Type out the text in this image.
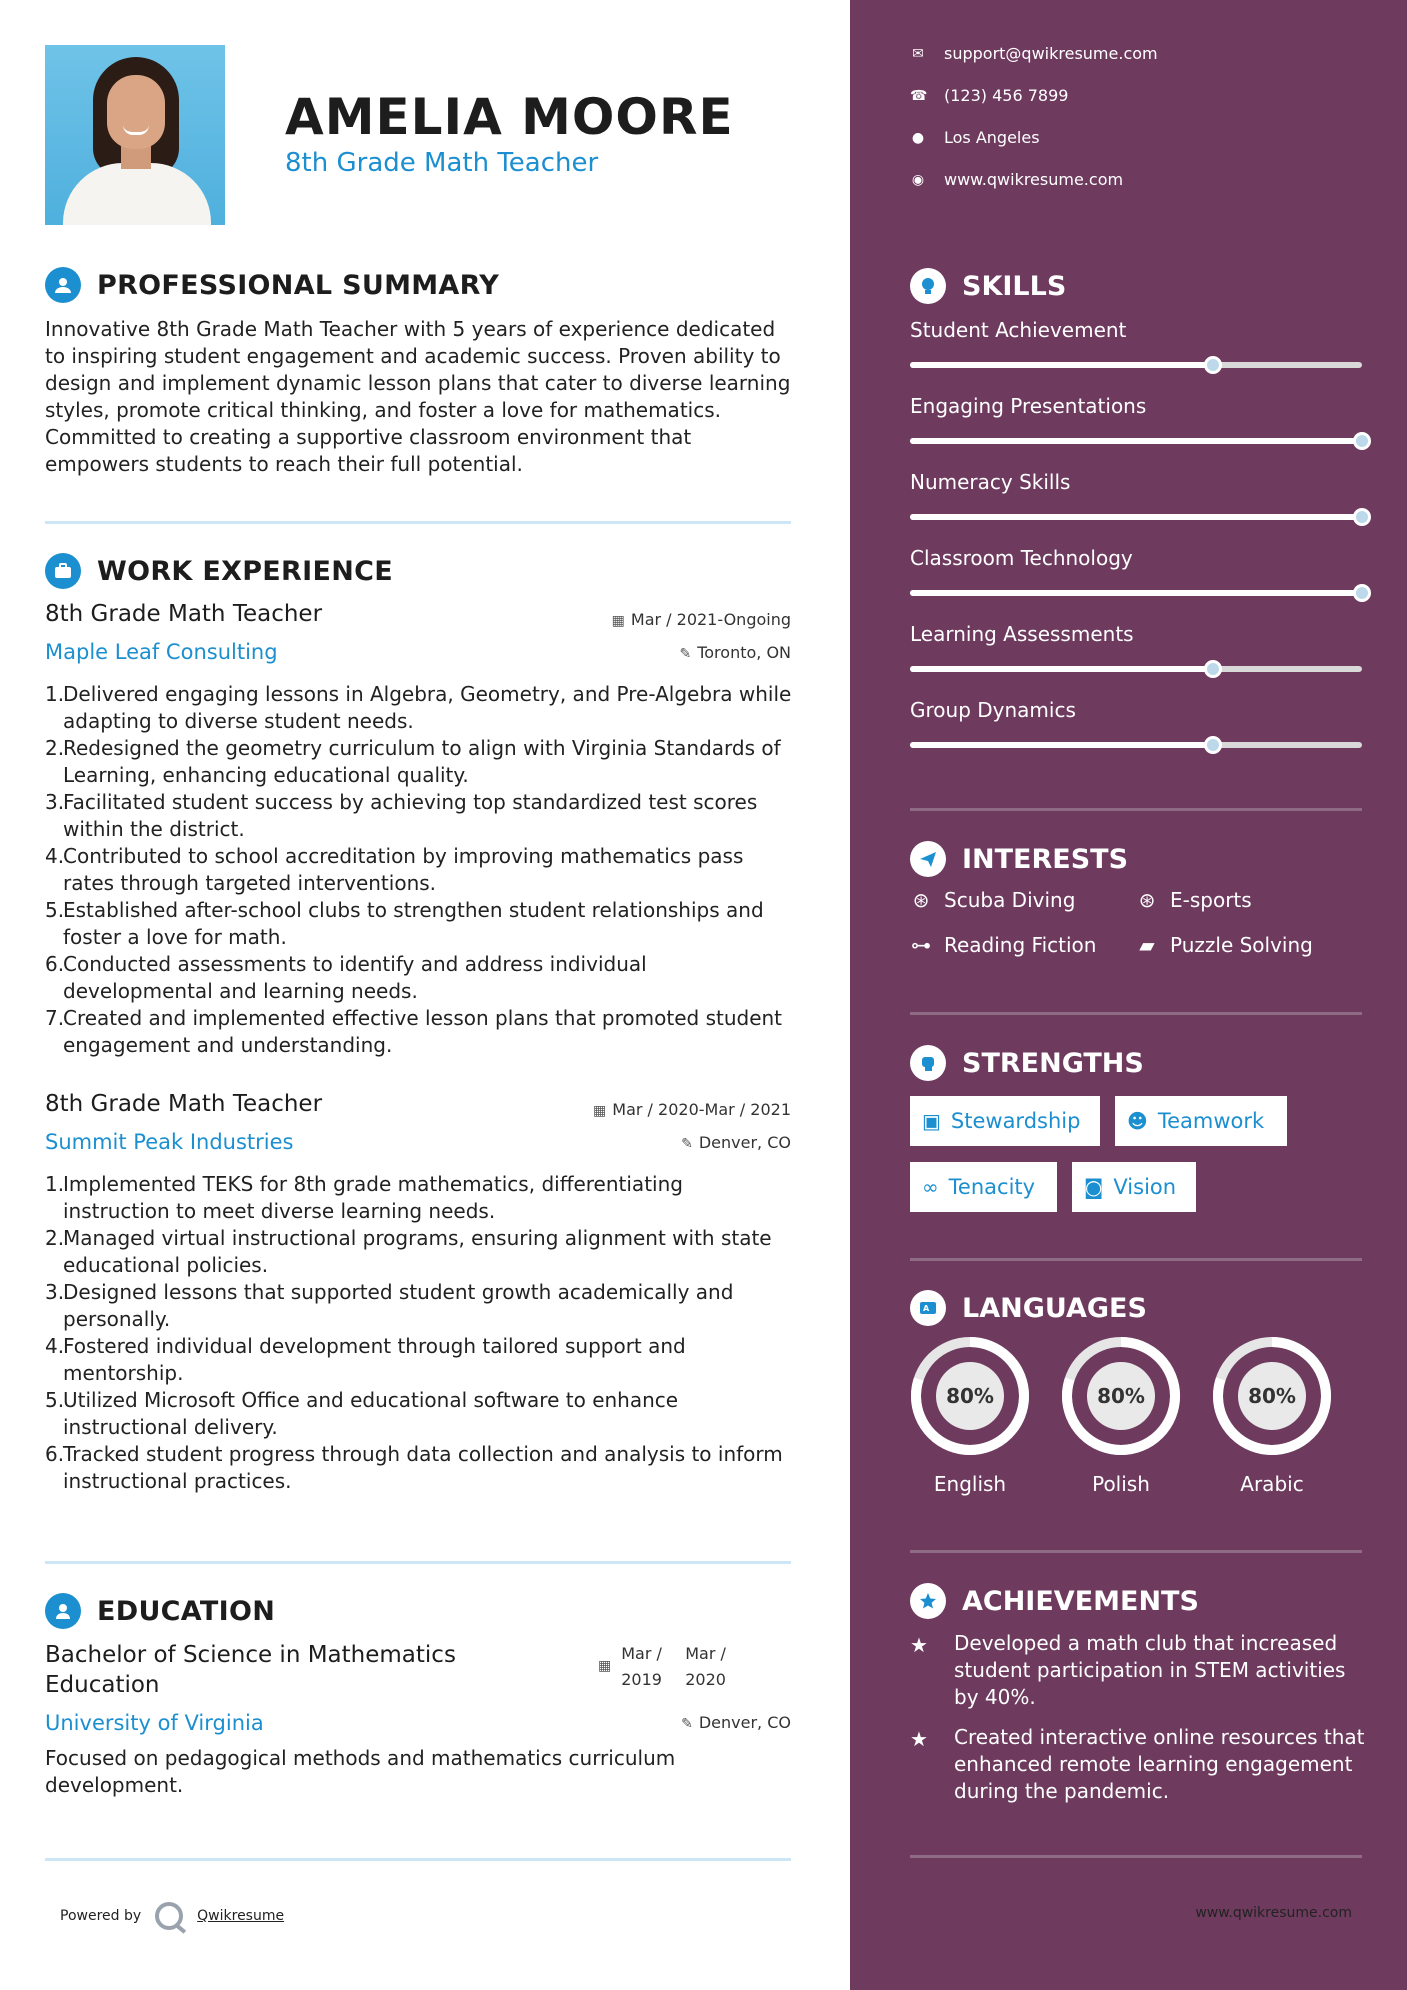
AMELIA MOORE
8th Grade Math Teacher
PROFESSIONAL SUMMARY
Innovative 8th Grade Math Teacher with 5 years of experience dedicated to inspiring student engagement and academic success. Proven ability to design and implement dynamic lesson plans that cater to diverse learning styles, promote critical thinking, and foster a love for mathematics. Committed to creating a supportive classroom environment that empowers students to reach their full potential.
WORK EXPERIENCE
8th Grade Math Teacher	▦ Mar / 2021-Ongoing
Maple Leaf Consulting	✎ Toronto, ON
Delivered engaging lessons in Algebra, Geometry, and Pre-Algebra while adapting to diverse student needs.
Redesigned the geometry curriculum to align with Virginia Standards of Learning, enhancing educational quality.
Facilitated student success by achieving top standardized test scores within the district.
Contributed to school accreditation by improving mathematics pass rates through targeted interventions.
Established after-school clubs to strengthen student relationships and foster a love for math.
Conducted assessments to identify and address individual developmental and learning needs.
Created and implemented effective lesson plans that promoted student engagement and understanding.
8th Grade Math Teacher	▦ Mar / 2020-Mar / 2021
Summit Peak Industries	✎ Denver, CO
Implemented TEKS for 8th grade mathematics, differentiating instruction to meet diverse learning needs.
Managed virtual instructional programs, ensuring alignment with state educational policies.
Designed lessons that supported student growth academically and personally.
Fostered individual development through tailored support and mentorship.
Utilized Microsoft Office and educational software to enhance instructional delivery.
Tracked student progress through data collection and analysis to inform instructional practices.
EDUCATION
Bachelor of Science in Mathematics Education
▦
Mar / 2019
Mar / 2020
University of Virginia	✎ Denver, CO
Focused on pedagogical methods and mathematics curriculum development.
Powered by	Qwikresume
✉ support@qwikresume.com
☎ (123) 456 7899
● Los Angeles
◉ www.qwikresume.com
SKILLS
Student Achievement
Engaging Presentations
Numeracy Skills
Classroom Technology
Learning Assessments
Group Dynamics
INTERESTS
⊛ Scuba Diving	⊛ E-sports
⊶ Reading Fiction ▰ Puzzle Solving
STRENGTHS
▣ Stewardship ☻ Teamwork
∞ Tenacity ◙ Vision
A LANGUAGES
80%
English
80%
Polish
80%
Arabic
ACHIEVEMENTS
★	Developed a math club that increased student participation in STEM activities by 40%.
★	Created interactive online resources that enhanced remote learning engagement during the pandemic.
www.qwikresume.com
